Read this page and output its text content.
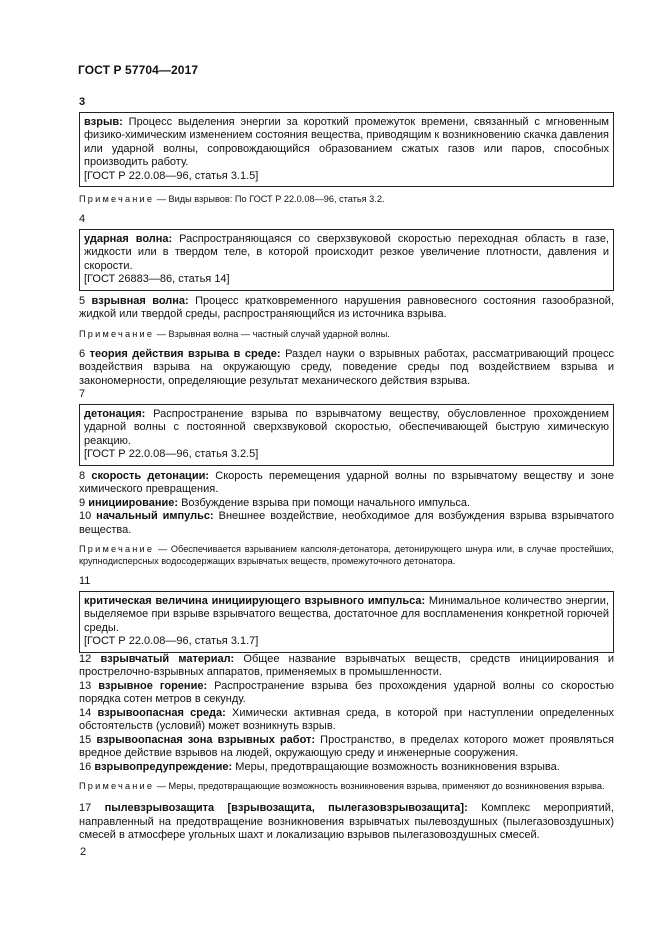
ГОСТ Р 57704—2017
3
взрыв: Процесс выделения энергии за короткий промежуток времени, связанный с мгновенным физико-химическим изменением состояния вещества, приводящим к возникновению скачка давления или ударной волны, сопровождающийся образованием сжатых газов или паров, способных производить работу.
[ГОСТ Р 22.0.08—96, статья 3.1.5]

Примечание — Виды взрывов: По ГОСТ Р 22.0.08—96, статья 3.2.

4
ударная волна: Распространяющаяся со сверхзвуковой скоростью переходная область в газе, жидкости или в твердом теле, в которой происходит резкое увеличение плотности, давления и скорости.
[ГОСТ 26883—86, статья 14]

5 взрывная волна: Процесс кратковременного нарушения равновесного состояния газообразной, жидкой или твердой среды, распространяющийся из источника взрыва.

Примечание — Взрывная волна — частный случай ударной волны.

6 теория действия взрыва в среде: Раздел науки о взрывных работах, рассматривающий процесс воздействия взрыва на окружающую среду, поведение среды под воздействием взрыва и закономерности, определяющие результат механического действия взрыва.

7
детонация: Распространение взрыва по взрывчатому веществу, обусловленное прохождением ударной волны с постоянной сверхзвуковой скоростью, обеспечивающей быструю химическую реакцию.
[ГОСТ Р 22.0.08—96, статья 3.2.5]

8 скорость детонации: Скорость перемещения ударной волны по взрывчатому веществу и зоне химического превращения.

9 инициирование: Возбуждение взрыва при помощи начального импульса.

10 начальный импульс: Внешнее воздействие, необходимое для возбуждения взрыва взрывчатого вещества.

Примечание — Обеспечивается взрыванием капсюля-детонатора, детонирующего шнура или, в случае простейших, крупнодисперсных водосодержащих взрывчатых веществ, промежуточного детонатора.

11
критическая величина инициирующего взрывного импульса: Минимальное количество энергии, выделяемое при взрыве взрывчатого вещества, достаточное для воспламенения конкретной горючей среды.
[ГОСТ Р 22.0.08—96, статья 3.1.7]

12 взрывчатый материал: Общее название взрывчатых веществ, средств инициирования и прострелочно-взрывных аппаратов, применяемых в промышленности.

13 взрывное горение: Распространение взрыва без прохождения ударной волны со скоростью порядка сотен метров в секунду.

14 взрывоопасная среда: Химически активная среда, в которой при наступлении определенных обстоятельств (условий) может возникнуть взрыв.

15 взрывоопасная зона взрывных работ: Пространство, в пределах которого может проявляться вредное действие взрывов на людей, окружающую среду и инженерные сооружения.

16 взрывопредупреждение: Меры, предотвращающие возможность возникновения взрыва.

Примечание — Меры, предотвращающие возможность возникновения взрыва, применяют до возникновения взрыва.

17 пылевзрывозащита [взрывозащита, пылегазовзрывозащита]: Комплекс мероприятий, направленный на предотвращение возникновения взрывчатых пылевоздушных (пылегазовоздушных) смесей в атмосфере угольных шахт и локализацию взрывов пылегазовоздушных смесей.

2
